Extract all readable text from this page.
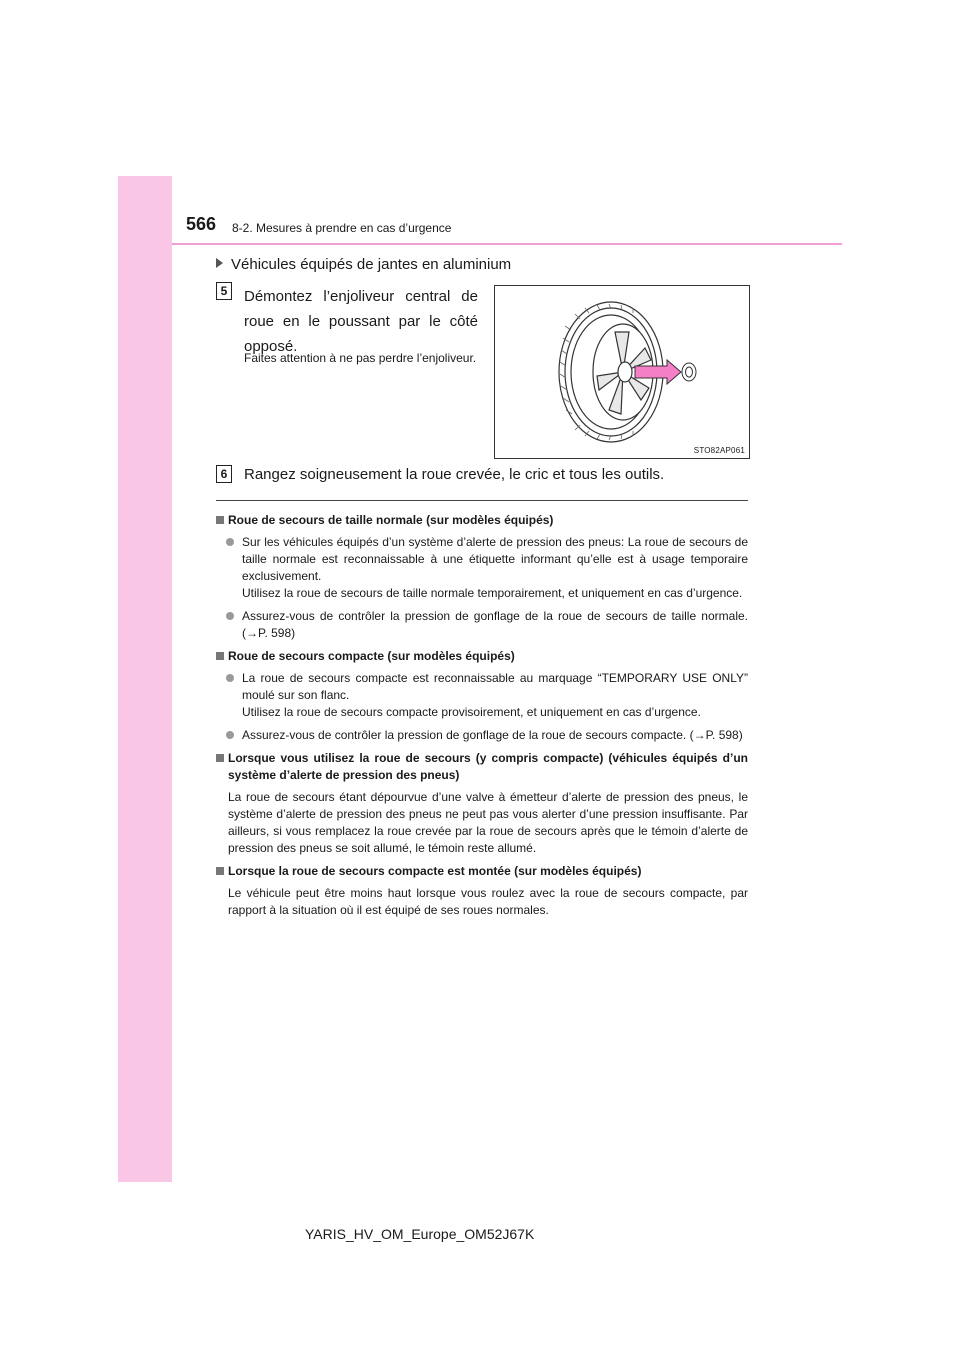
566 8-2. Mesures à prendre en cas d’urgence
Véhicules équipés de jantes en aluminium
5	Démontez l’enjoliveur central de roue en le poussant par le côté opposé.
Faites attention à ne pas perdre l’enjoliveur.
STO82AP061
6	Rangez soigneusement la roue crevée, le cric et tous les outils.
Roue de secours de taille normale (sur modèles équipés)
Sur les véhicules équipés d’un système d’alerte de pression des pneus: La roue de secours de taille normale est reconnaissable à une étiquette informant qu’elle est à usage temporaire exclusivement.
Utilisez la roue de secours de taille normale temporairement, et uniquement en cas d’urgence.
Assurez-vous de contrôler la pression de gonflage de la roue de secours de taille normale. (→P. 598)
Roue de secours compacte (sur modèles équipés)
La roue de secours compacte est reconnaissable au marquage “TEMPORARY USE ONLY” moulé sur son flanc.
Utilisez la roue de secours compacte provisoirement, et uniquement en cas d’urgence.
Assurez-vous de contrôler la pression de gonflage de la roue de secours compacte. (→P. 598)
Lorsque vous utilisez la roue de secours (y compris compacte) (véhicules équipés d’un système d’alerte de pression des pneus)
La roue de secours étant dépourvue d’une valve à émetteur d’alerte de pression des pneus, le système d’alerte de pression des pneus ne peut pas vous alerter d’une pression insuffisante. Par ailleurs, si vous remplacez la roue crevée par la roue de secours après que le témoin d’alerte de pression des pneus se soit allumé, le témoin reste allumé.
Lorsque la roue de secours compacte est montée (sur modèles équipés)
Le véhicule peut être moins haut lorsque vous roulez avec la roue de secours compacte, par rapport à la situation où il est équipé de ses roues normales.
YARIS_HV_OM_Europe_OM52J67K
